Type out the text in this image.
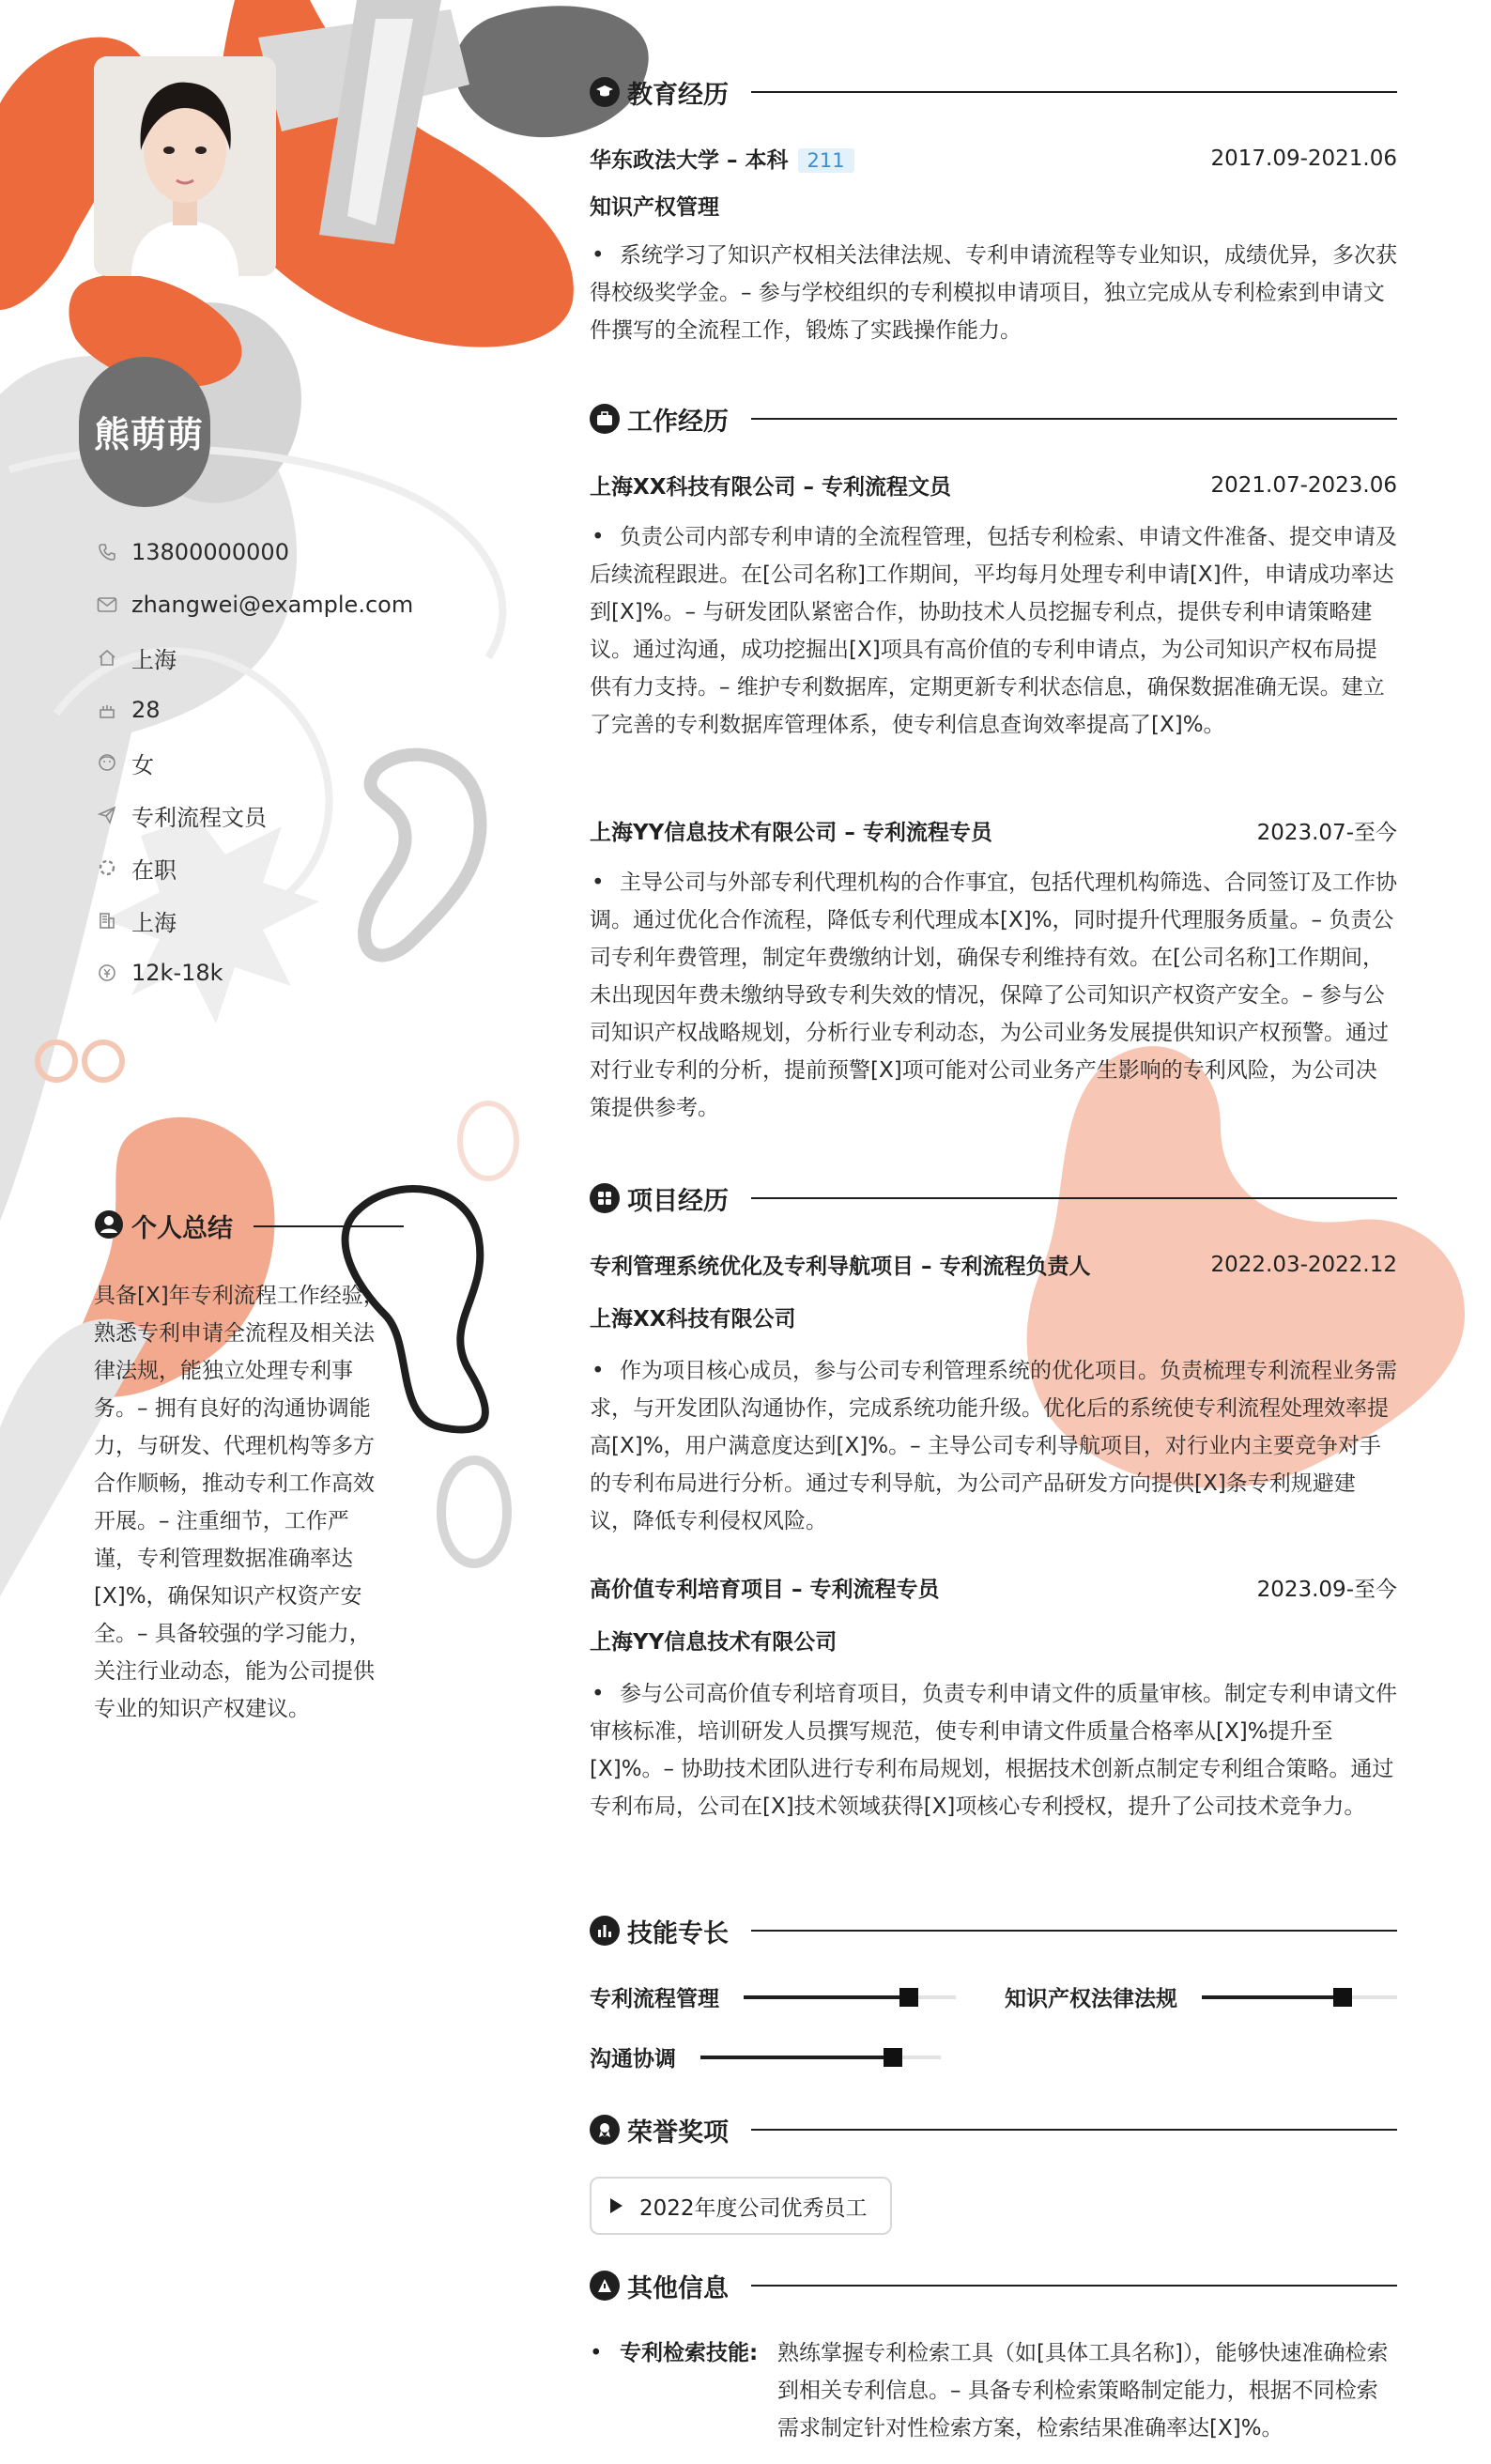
熊萌萌
13800000000
zhangwei@example.com
上海
28
女
专利流程文员
在职
上海
12k-18k
个人总结
具备[X]年专利流程工作经验，熟悉专利申请全流程及相关法律法规，能独立处理专利事务。– 拥有良好的沟通协调能力，与研发、代理机构等多方合作顺畅，推动专利工作高效开展。– 注重细节，工作严谨，专利管理数据准确率达[X]%，确保知识产权资产安全。– 具备较强的学习能力，关注行业动态，能为公司提供专业的知识产权建议。
教育经历
华东政法大学 – 本科 211	2017.09-2021.06
知识产权管理
• 系统学习了知识产权相关法律法规、专利申请流程等专业知识，成绩优异，多次获得校级奖学金。– 参与学校组织的专利模拟申请项目，独立完成从专利检索到申请文件撰写的全流程工作，锻炼了实践操作能力。
工作经历
上海XX科技有限公司 – 专利流程文员	2021.07-2023.06
• 负责公司内部专利申请的全流程管理，包括专利检索、申请文件准备、提交申请及后续流程跟进。在[公司名称]工作期间，平均每月处理专利申请[X]件，申请成功率达到[X]%。– 与研发团队紧密合作，协助技术人员挖掘专利点，提供专利申请策略建议。通过沟通，成功挖掘出[X]项具有高价值的专利申请点，为公司知识产权布局提供有力支持。– 维护专利数据库，定期更新专利状态信息，确保数据准确无误。建立了完善的专利数据库管理体系，使专利信息查询效率提高了[X]%。
上海YY信息技术有限公司 – 专利流程专员	2023.07-至今
• 主导公司与外部专利代理机构的合作事宜，包括代理机构筛选、合同签订及工作协调。通过优化合作流程，降低专利代理成本[X]%，同时提升代理服务质量。– 负责公司专利年费管理，制定年费缴纳计划，确保专利维持有效。在[公司名称]工作期间，未出现因年费未缴纳导致专利失效的情况，保障了公司知识产权资产安全。– 参与公司知识产权战略规划，分析行业专利动态，为公司业务发展提供知识产权预警。通过对行业专利的分析，提前预警[X]项可能对公司业务产生影响的专利风险，为公司决策提供参考。
项目经历
专利管理系统优化及专利导航项目 – 专利流程负责人	2022.03-2022.12
上海XX科技有限公司
• 作为项目核心成员，参与公司专利管理系统的优化项目。负责梳理专利流程业务需求，与开发团队沟通协作，完成系统功能升级。优化后的系统使专利流程处理效率提高[X]%，用户满意度达到[X]%。– 主导公司专利导航项目，对行业内主要竞争对手的专利布局进行分析。通过专利导航，为公司产品研发方向提供[X]条专利规避建议，降低专利侵权风险。
高价值专利培育项目 – 专利流程专员	2023.09-至今
上海YY信息技术有限公司
• 参与公司高价值专利培育项目，负责专利申请文件的质量审核。制定专利申请文件审核标准，培训研发人员撰写规范，使专利申请文件质量合格率从[X]%提升至[X]%。– 协助技术团队进行专利布局规划，根据技术创新点制定专利组合策略。通过专利布局，公司在[X]技术领域获得[X]项核心专利授权，提升了公司技术竞争力。
技能专长
专利流程管理	知识产权法律法规
沟通协调
荣誉奖项
2022年度公司优秀员工
其他信息
• 专利检索技能: 熟练掌握专利检索工具（如[具体工具名称]），能够快速准确检索到相关专利信息。– 具备专利检索策略制定能力，根据不同检索需求制定针对性检索方案，检索结果准确率达[X]%。
